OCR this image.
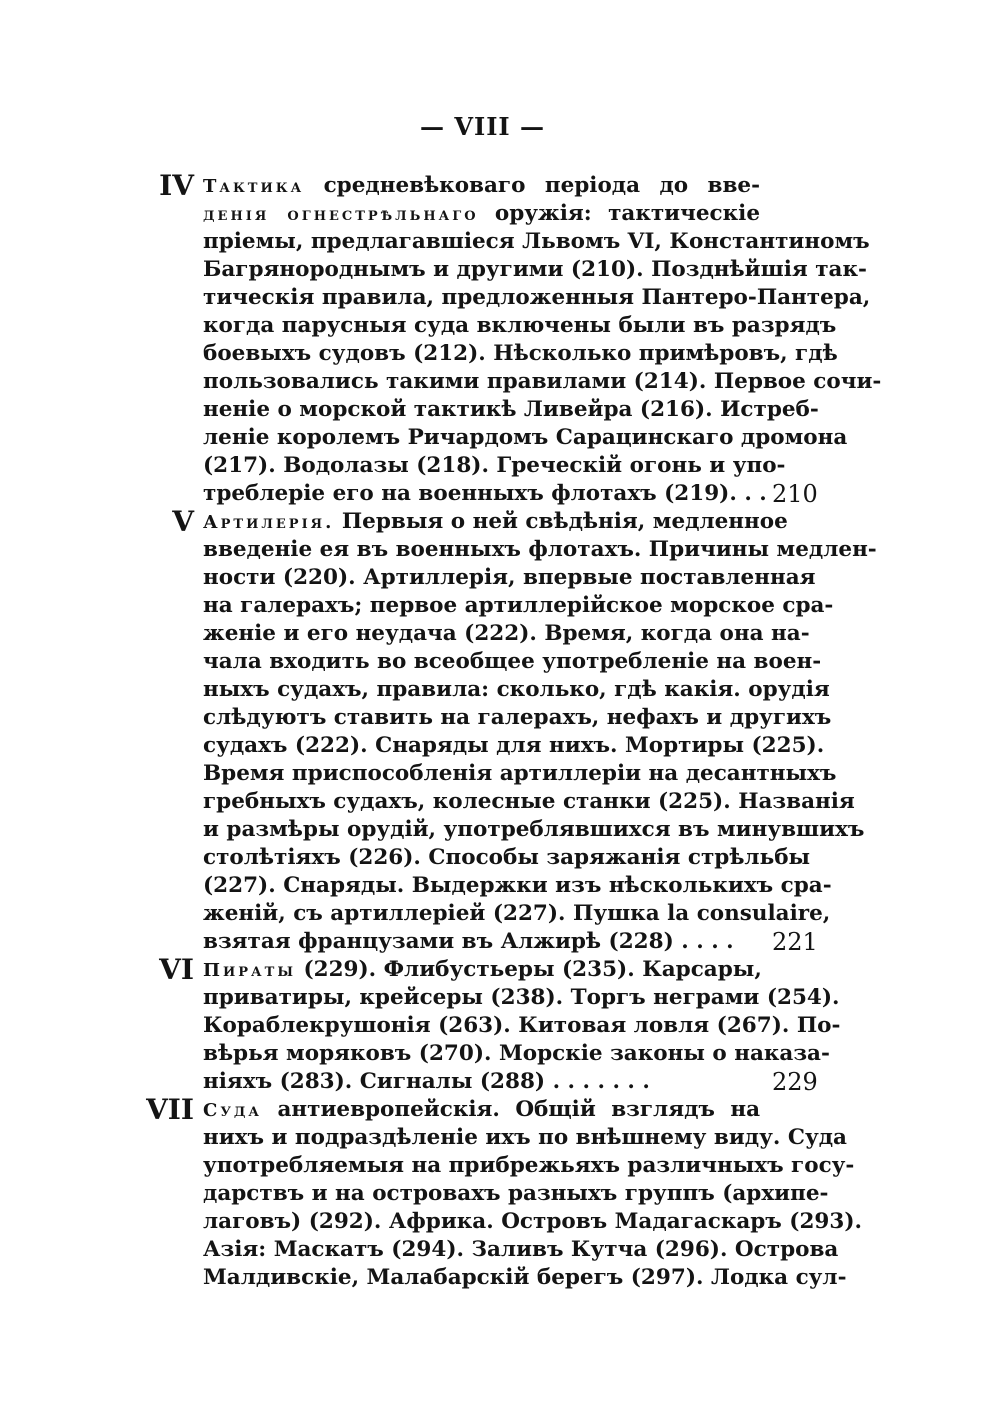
— VIII —
IV Тактика средневѣковаго періода до вве-
денія огнестрѣльнаго оружія: тактическіе
пріемы, предлагавшіеся Львомъ VI, Константиномъ
Багрянороднымъ и другими (210). Позднѣйшія так-
тическія правила, предложенныя Пантеро-Пантера,
когда парусныя суда включены были въ разрядъ
боевыхъ судовъ (212). Нѣсколько примѣровъ, гдѣ
пользовались такими правилами (214). Первое сочи-
неніе о морской тактикѣ Ливейра (216). Истреб-
леніе королемъ Ричардомъ Сарацинскаго дромона
(217). Водолазы (218). Греческій огонь и упо-
треблеріе его на военныхъ флотахъ (219). . . 210
V Артилерія. Первыя о ней свѣдѣнія, медленное
введеніе ея въ военныхъ флотахъ. Причины медлен-
ности (220). Артиллерія, впервые поставленная
на галерахъ; первое артиллерійское морское сра-
женіе и его неудача (222). Время, когда она на-
чала входить во всеобщее употребленіе на воен-
ныхъ судахъ, правила: сколько, гдѣ какія. орудія
слѣдуютъ ставить на галерахъ, нефахъ и другихъ
судахъ (222). Снаряды для нихъ. Мортиры (225).
Время приспособленія артиллеріи на десантныхъ
гребныхъ судахъ, колесные станки (225). Названія
и размѣры орудій, употреблявшихся въ минувшихъ
столѣтіяхъ (226). Способы заряжанія стрѣльбы
(227). Снаряды. Выдержки изъ нѣсколькихъ сра-
женій, съ артиллеріей (227). Пушка la consulaire,
взятая французами въ Алжирѣ (228) . . . .	221
VI Пираты (229). Флибустьеры (235). Карсары,
приватиры, крейсеры (238). Торгъ неграми (254).
Кораблекрушонія (263). Китовая ловля (267). По-
вѣрья моряковъ (270). Морскіе законы о наказа-
ніяхъ (283). Сигналы (288) . . . . . . .	229
VII Суда антиевропейскія. Общій взглядъ на
нихъ и подраздѣленіе ихъ по внѣшнему виду. Суда
употребляемыя на прибрежьяхъ различныхъ госу-
дарствъ и на островахъ разныхъ группъ (архипе-
лаговъ) (292). Африка. Островъ Мадагаскаръ (293).
Азія: Маскатъ (294). Заливъ Кутча (296). Острова
Малдивскіе, Малабарскій берегъ (297). Лодка сул-
